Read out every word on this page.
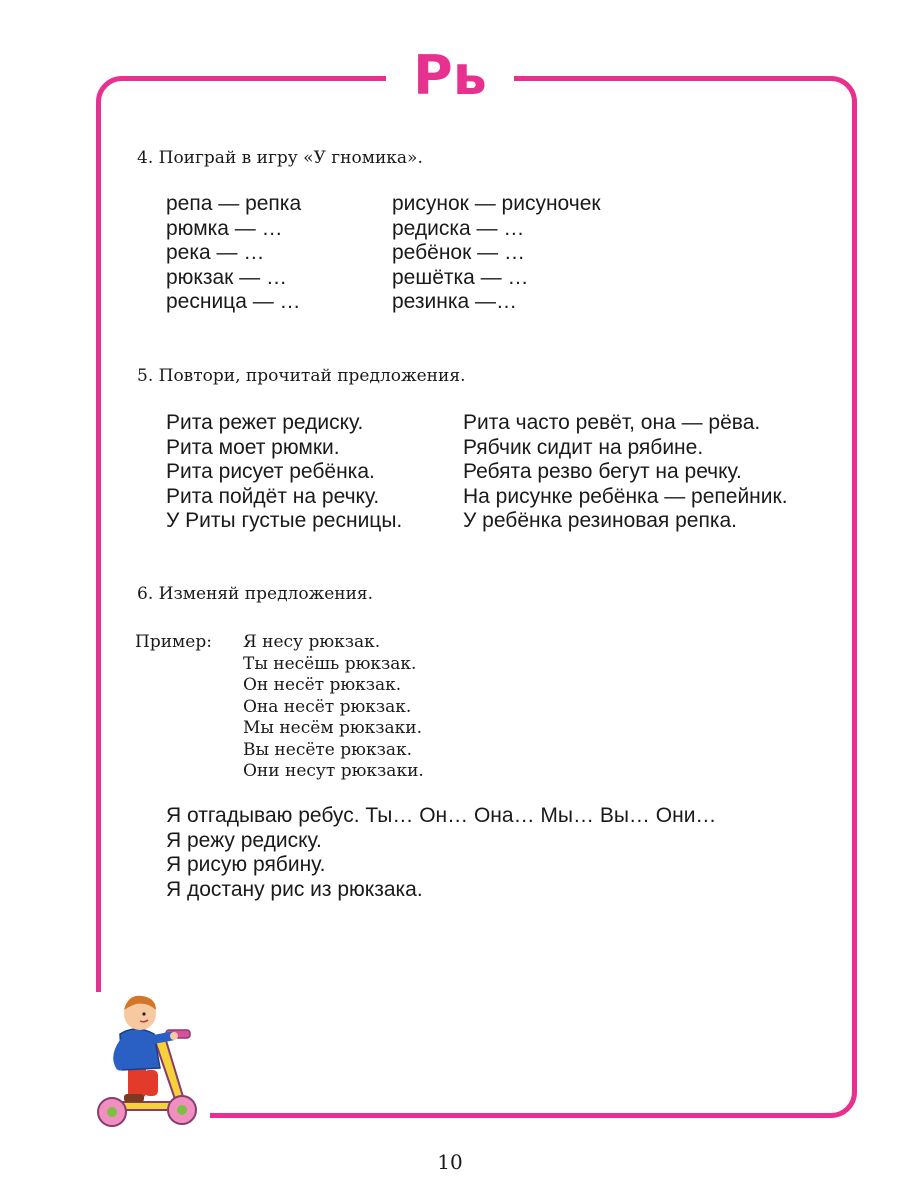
Рь
4. Поиграй в игру «У гномика».
репа — репка
рюмка — …
река — …
рюкзак — …
ресница — …
рисунок — рисуночек
редиска — …
ребёнок — …
решётка — …
резинка —…
5. Повтори, прочитай предложения.
Рита режет редиску.
Рита моет рюмки.
Рита рисует ребёнка.
Рита пойдёт на речку.
У Риты густые ресницы.
Рита часто ревёт, она — рёва.
Рябчик сидит на рябине.
Ребята резво бегут на речку.
На рисунке ребёнка — репейник.
У ребёнка резиновая репка.
6. Изменяй предложения.
Пример: Я несу рюкзак.
Ты несёшь рюкзак.
Он несёт рюкзак.
Она несёт рюкзак.
Мы несём рюкзаки.
Вы несёте рюкзак.
Они несут рюкзаки.
Я отгадываю ребус. Ты… Он… Она… Мы… Вы… Они…
Я режу редиску.
Я рисую рябину.
Я достану рис из рюкзака.
10
